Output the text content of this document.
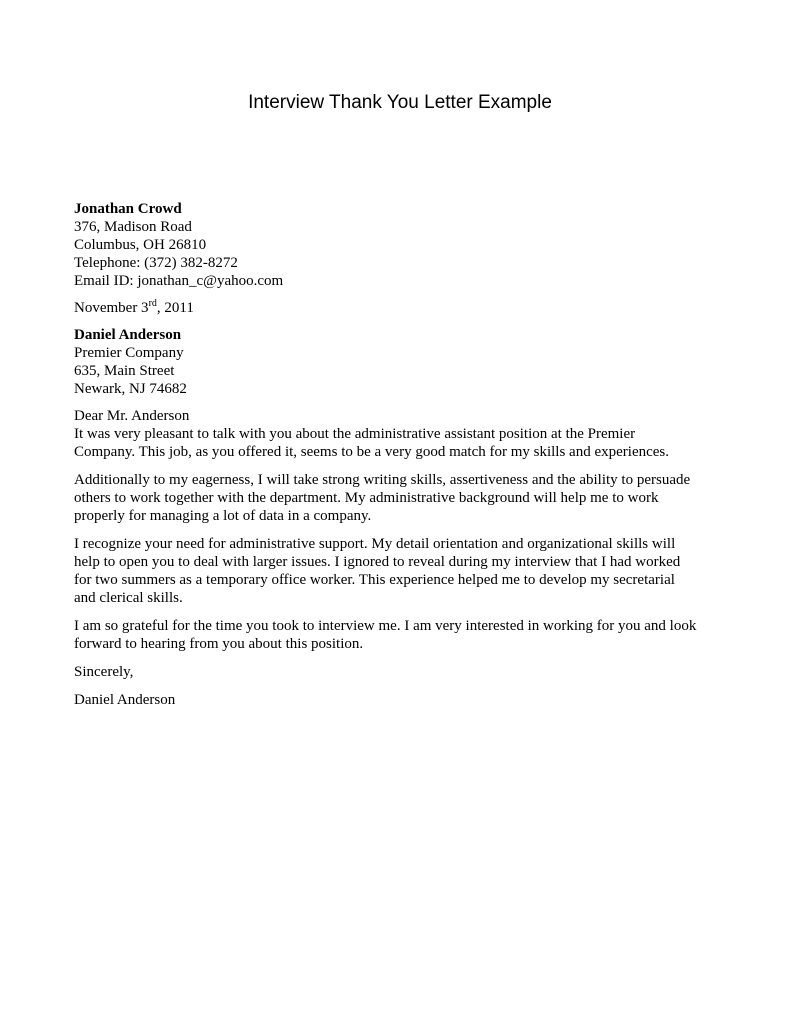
Interview Thank You Letter Example
Jonathan Crowd
376, Madison Road
Columbus, OH 26810
Telephone: (372) 382-8272
Email ID: jonathan_c@yahoo.com
November 3rd, 2011
Daniel Anderson
Premier Company
635, Main Street
Newark, NJ 74682
Dear Mr. Anderson
It was very pleasant to talk with you about the administrative assistant position at the Premier
Company. This job, as you offered it, seems to be a very good match for my skills and experiences.
Additionally to my eagerness, I will take strong writing skills, assertiveness and the ability to persuade
others to work together with the department. My administrative background will help me to work
properly for managing a lot of data in a company.
I recognize your need for administrative support. My detail orientation and organizational skills will
help to open you to deal with larger issues. I ignored to reveal during my interview that I had worked
for two summers as a temporary office worker. This experience helped me to develop my secretarial
and clerical skills.
I am so grateful for the time you took to interview me. I am very interested in working for you and look
forward to hearing from you about this position.
Sincerely,
Daniel Anderson
